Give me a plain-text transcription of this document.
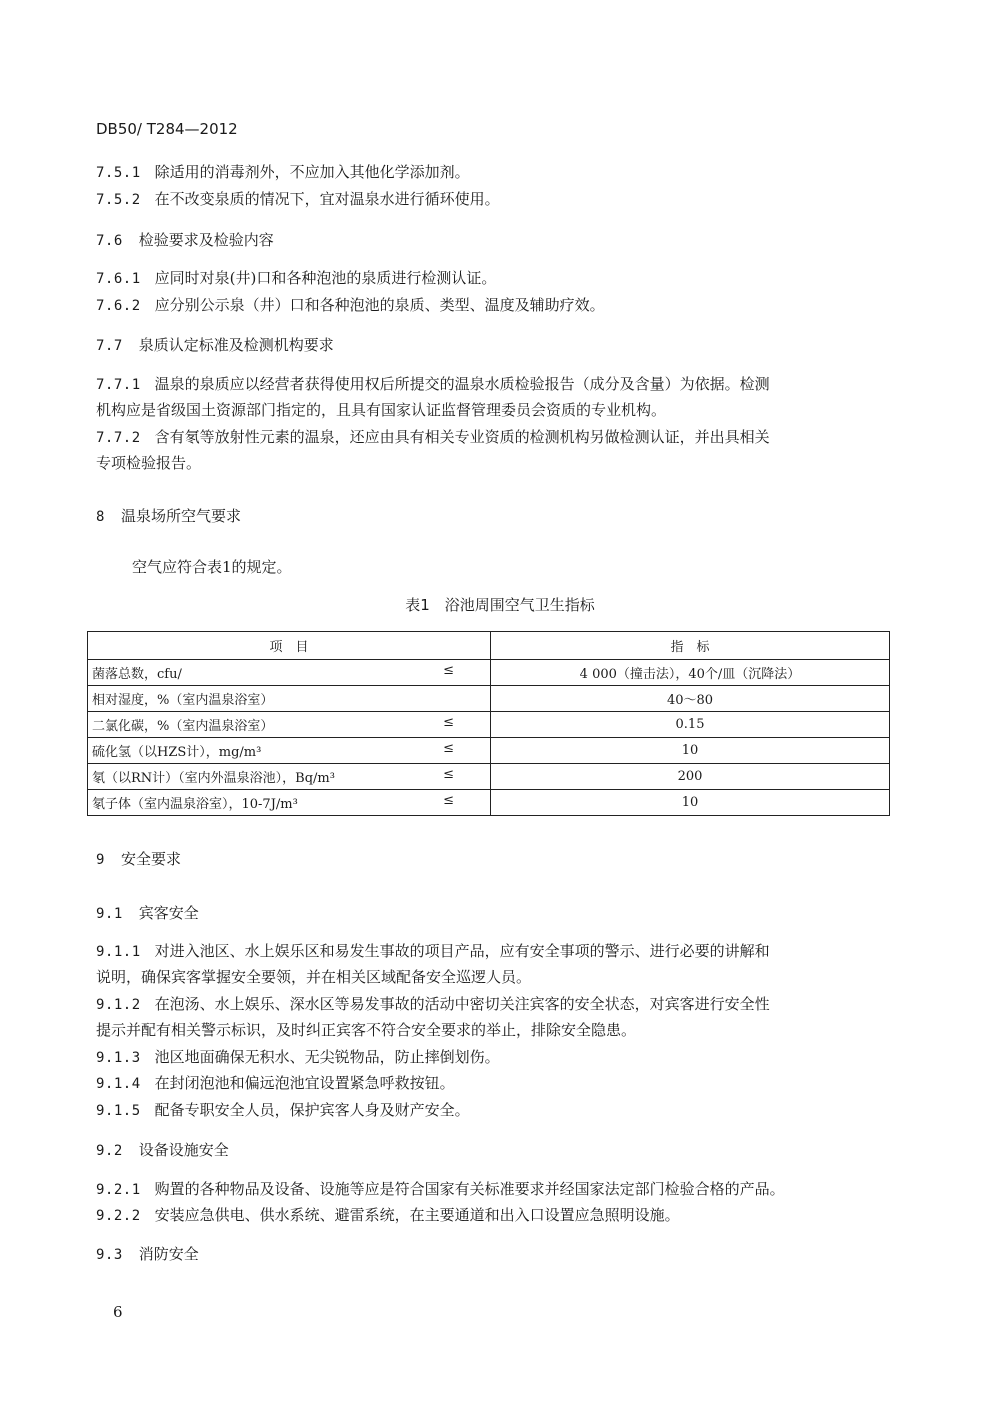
DB50/ T284—2012
7.5.1 除适用的消毒剂外，不应加入其他化学添加剂。
7.5.2 在不改变泉质的情况下，宜对温泉水进行循环使用。
7.6 检验要求及检验内容
7.6.1 应同时对泉(井)口和各种泡池的泉质进行检测认证。
7.6.2 应分别公示泉（井）口和各种泡池的泉质、类型、温度及辅助疗效。
7.7 泉质认定标准及检测机构要求
7.7.1 温泉的泉质应以经营者获得使用权后所提交的温泉水质检验报告（成分及含量）为依据。检测
机构应是省级国土资源部门指定的，且具有国家认证监督管理委员会资质的专业机构。
7.7.2 含有氡等放射性元素的温泉，还应由具有相关专业资质的检测机构另做检测认证，并出具相关
专项检验报告。
8 温泉场所空气要求
空气应符合表1的规定。
表1　浴池周围空气卫生指标
项　目	指　标

菌落总数，cfu/ ≤	4 000（撞击法），40个/皿（沉降法）

相对湿度，%（室内温泉浴室）	40～80

二氯化碳，%（室内温泉浴室） ≤	0.15

硫化氢（以HZS计），mg/m³ ≤	10

氡（以RN计）（室内外温泉浴池），Bq/m³ ≤	200

氡子体（室内温泉浴室），10-7J/m³ ≤	10
9 安全要求
9.1 宾客安全
9.1.1 对进入池区、水上娱乐区和易发生事故的项目产品，应有安全事项的警示、进行必要的讲解和
说明，确保宾客掌握安全要领，并在相关区域配备安全巡逻人员。
9.1.2 在泡汤、水上娱乐、深水区等易发事故的活动中密切关注宾客的安全状态，对宾客进行安全性
提示并配有相关警示标识，及时纠正宾客不符合安全要求的举止，排除安全隐患。
9.1.3 池区地面确保无积水、无尖锐物品，防止摔倒划伤。
9.1.4 在封闭泡池和偏远泡池宜设置紧急呼救按钮。
9.1.5 配备专职安全人员，保护宾客人身及财产安全。
9.2 设备设施安全
9.2.1 购置的各种物品及设备、设施等应是符合国家有关标准要求并经国家法定部门检验合格的产品。
9.2.2 安装应急供电、供水系统、避雷系统，在主要通道和出入口设置应急照明设施。
9.3 消防安全
6
